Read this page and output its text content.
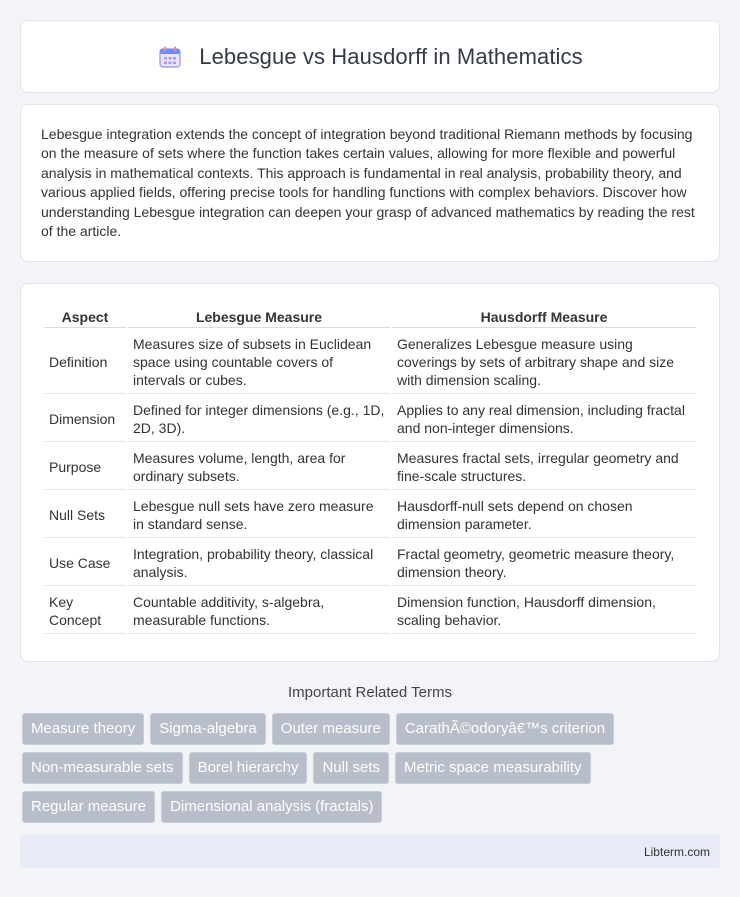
Lebesgue vs Hausdorff in Mathematics

Lebesgue integration extends the concept of integration beyond traditional Riemann methods by focusing on the measure of sets where the function takes certain values, allowing for more flexible and powerful analysis in mathematical contexts. This approach is fundamental in real analysis, probability theory, and various applied fields, offering precise tools for handling functions with complex behaviors. Discover how understanding Lebesgue integration can deepen your grasp of advanced mathematics by reading the rest of the article.

Aspect	Lebesgue Measure	Hausdorff Measure
Definition	Measures size of subsets in Euclidean space using countable covers of intervals or cubes.	Generalizes Lebesgue measure using coverings by sets of arbitrary shape and size with dimension scaling.
Dimension	Defined for integer dimensions (e.g., 1D, 2D, 3D).	Applies to any real dimension, including fractal and non-integer dimensions.
Purpose	Measures volume, length, area for ordinary subsets.	Measures fractal sets, irregular geometry and fine-scale structures.
Null Sets	Lebesgue null sets have zero measure in standard sense.	Hausdorff-null sets depend on chosen dimension parameter.
Use Case	Integration, probability theory, classical analysis.	Fractal geometry, geometric measure theory, dimension theory.
Key Concept	Countable additivity, s-algebra, measurable functions.	Dimension function, Hausdorff dimension, scaling behavior.
Important Related Terms
Measure theory	Sigma-algebra	Outer measure	CarathÃ©odoryâ€™s criterion
Non-measurable sets	Borel hierarchy	Null sets	Metric space measurability
Regular measure	Dimensional analysis (fractals)
Libterm.com
